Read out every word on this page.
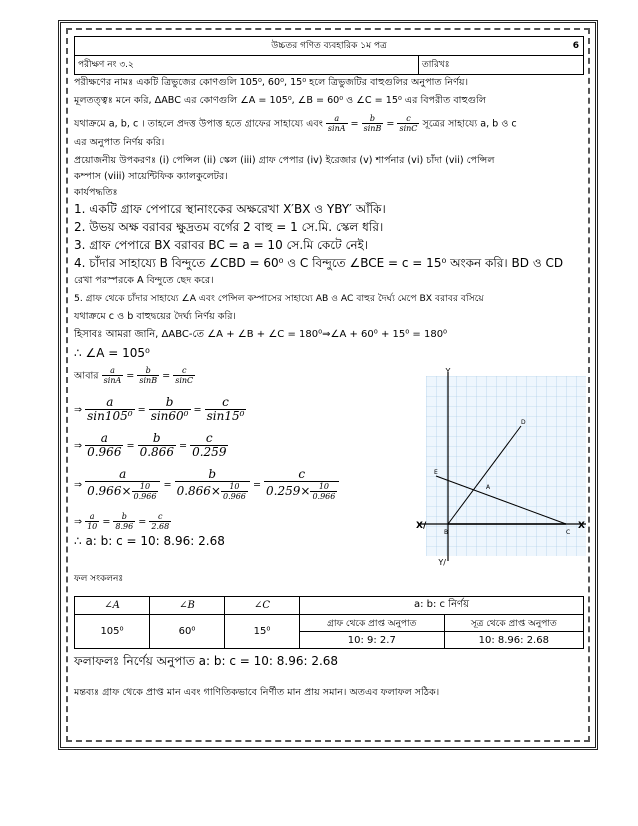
উচ্চতর গণিত ব্যবহারিক ১ম পত্র	6
পরীক্ষণ নং ৩.২	তারিখঃ
পরীক্ষণের নামঃ একটি ত্রিভুজের কোণগুলি 105⁰, 60⁰, 15⁰ হলে ত্রিভুজটির বাহুগুলির অনুপাত নির্ণয়।
মূলতত্ত্বঃ মনে করি, ΔABC এর কোণগুলি ∠A = 105⁰, ∠B = 60⁰ ও ∠C = 15⁰ এর বিপরীত বাহুগুলি
যথাক্রমে a, b, c । তাহলে প্রদত্ত উপাত্ত হতে গ্রাফের সাহায্যে এবং $\frac{a}{\sin A} = \frac{b}{\sin B} = \frac{c}{\sin C}$ সূত্রের সাহায্যে a, b ও c
এর অনুপাত নির্ণয় করি।
প্রয়োজনীয় উপকরণঃ (i) পেন্সিল (ii) স্কেল (iii) গ্রাফ পেপার (iv) ইরেজার (v) শার্পনার (vi) চাঁদা (vii) পেন্সিল
কম্পাস (viii) সায়েন্টিফিক ক্যালকুলেটর।
কার্যপদ্ধতিঃ
1. একটি গ্রাফ পেপারে স্থানাংকের অক্ষরেখা X′BX ও YBY′ আঁকি।
2. উভয় অক্ষ বরাবর ক্ষুদ্রতম বর্গের 2 বাহু = 1 সে.মি. স্কেল ধরি।
3. গ্রাফ পেপারে BX বরাবর BC = a = 10 সে.মি কেটে নেই।
4. চাঁদার সাহায্যে B বিন্দুতে ∠CBD = 60⁰ ও C বিন্দুতে ∠BCE = c = 15⁰ অংকন করি। BD ও CD
রেখা পরস্পরকে A বিন্দুতে ছেদ করে।
5. গ্রাফ থেকে চাঁদার সাহায্যে ∠A এবং পেন্সিল কম্পাসের সাহায্যে AB ও AC বাহুর দৈর্ঘ্য মেপে BX বরাবর বসিয়ে
যথাক্রমে c ও b বাহুদ্বয়ের দৈর্ঘ্য নির্ণয় করি।
হিসাবঃ আমরা জানি, ΔABC-তে ∠A + ∠B + ∠C = 180⁰⇒∠A + 60⁰ + 15⁰ = 180⁰
∴ ∠A = 105⁰
আবার $\frac{a}{\sin A} = \frac{b}{\sin B} = \frac{c}{\sin C}$
⇒ $\frac{a}{\text{sin105⁰}} = \frac{b}{\text{sin60⁰}} = \frac{c}{\text{sin15⁰}}$
⇒ $\frac{a}{0.966} = \frac{b}{0.866} = \frac{c}{0.259}$
⇒ $\frac{a}{0.966\times \frac{10}{0.966}} = \frac{b}{0.866\times \frac{10}{0.966}} = \frac{c}{0.259\times \frac{10}{0.966}}$
⇒ $\frac{a}{10} = \frac{b}{8.96} = \frac{c}{2.68}$
∴ a: b: c = 10: 8.96: 2.68
Y
Y/
X/	X
A
B	C
D
E
ফল সংকলনঃ
∠A	∠B	∠C	a: b: c নির্ণয়	
105⁰	60⁰	15⁰	গ্রাফ থেকে প্রাপ্ত অনুপাত	সূত্র থেকে প্রাপ্ত অনুপাত
			10: 9: 2.7	10: 8.96: 2.68
ফলাফলঃ নির্ণেয় অনুপাত a: b: c = 10: 8.96: 2.68
মন্তব্যঃ গ্রাফ থেকে প্রাপ্ত মান এবং গাণিতিকভাবে নির্ণীত মান প্রায় সমান। অতএব ফলাফল সঠিক।
